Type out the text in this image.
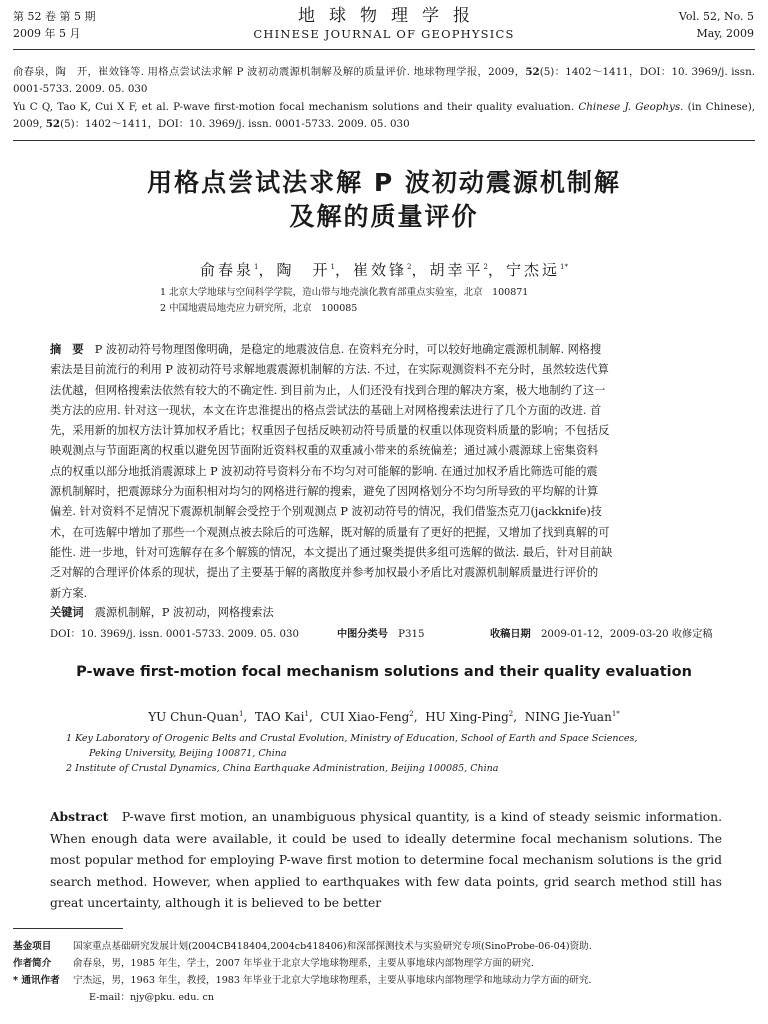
第 52 卷 第 5 期
2009 年 5 月
地球物理学报
CHINESE JOURNAL OF GEOPHYSICS
Vol. 52, No. 5
May, 2009
俞春泉，陶　开，崔效锋等. 用格点尝试法求解 P 波初动震源机制解及解的质量评价. 地球物理学报，2009，52(5)：1402～1411，DOI：10. 3969/j. issn. 0001-5733. 2009. 05. 030
Yu C Q, Tao K, Cui X F, et al. P-wave first-motion focal mechanism solutions and their quality evaluation. Chinese J. Geophys. (in Chinese), 2009, 52(5)：1402～1411，DOI：10. 3969/j. issn. 0001-5733. 2009. 05. 030
用格点尝试法求解 P 波初动震源机制解
及解的质量评价
俞春泉$^1$，陶　开$^1$，崔效锋$^2$，胡幸平$^2$，宁杰远$^{1*}$
1 北京大学地球与空间科学学院，造山带与地壳演化教育部重点实验室，北京　100871
2 中国地震局地壳应力研究所，北京　100085
摘　要　 P 波初动符号物理图像明确，是稳定的地震波信息. 在资料充分时，可以较好地确定震源机制解. 网格搜
索法是目前流行的利用 P 波初动符号求解地震震源机制解的方法. 不过，在实际观测资料不充分时，虽然较迭代算
法优越，但网格搜索法依然有较大的不确定性. 到目前为止，人们还没有找到合理的解决方案，极大地制约了这一
类方法的应用. 针对这一现状，本文在许忠淮提出的格点尝试法的基础上对网格搜索法进行了几个方面的改进. 首
先，采用新的加权方法计算加权矛盾比；权重因子包括反映初动符号质量的权重以体现资料质量的影响；不包括反
映观测点与节面距离的权重以避免因节面附近资料权重的双重减小带来的系统偏差；通过减小震源球上密集资料
点的权重以部分地抵消震源球上 P 波初动符号资料分布不均匀对可能解的影响. 在通过加权矛盾比筛选可能的震
源机制解时，把震源球分为面积相对均匀的网格进行解的搜索，避免了因网格划分不均匀所导致的平均解的计算
偏差. 针对资料不足情况下震源机制解会受控于个别观测点 P 波初动符号的情况，我们借鉴杰克刀(jackknife)技
术，在可选解中增加了那些一个观测点被去除后的可选解，既对解的质量有了更好的把握，又增加了找到真解的可
能性. 进一步地，针对可选解存在多个解簇的情况，本文提出了通过聚类提供多组可选解的做法. 最后，针对目前缺
乏对解的合理评价体系的现状，提出了主要基于解的离散度并参考加权最小矛盾比对震源机制解质量进行评价的
新方案.
关键词　 震源机制解，P 波初动，网格搜索法
DOI：10. 3969/j. issn. 0001-5733. 2009. 05. 030	中图分类号　 P315	收稿日期　 2009-01-12，2009-03-20 收修定稿
P-wave first-motion focal mechanism solutions and their quality evaluation
YU Chun-Quan$^1$,  TAO Kai$^1$,  CUI Xiao-Feng$^2$,  HU Xing-Ping$^2$,  NING Jie-Yuan$^{1*}$
1 Key Laboratory of Orogenic Belts and Crustal Evolution, Ministry of Education, School of Earth and Space Sciences,
Peking University, Beijing 100871, China
2 Institute of Crustal Dynamics, China Earthquake Administration, Beijing 100085, China
Abstract P-wave first motion, an unambiguous physical quantity, is a kind of steady seismic information. When enough data were available, it could be used to ideally determine focal mechanism solutions. The most popular method for employing P-wave first motion to determine focal mechanism solutions is the grid search method. However, when applied to earthquakes with few data points, grid search method still has great uncertainty, although it is believed to be better
基金项目 国家重点基础研究发展计划(2004CB418404,2004cb418406)和深部探测技术与实验研究专项(SinoProbe-06-04)资助.
作者简介 俞春泉，男，1985 年生，学士，2007 年毕业于北京大学地球物理系，主要从事地球内部物理学方面的研究.
* 通讯作者 宁杰远，男，1963 年生，教授，1983 年毕业于北京大学地球物理系，主要从事地球内部物理学和地球动力学方面的研究.
E-mail：njy@pku. edu. cn
